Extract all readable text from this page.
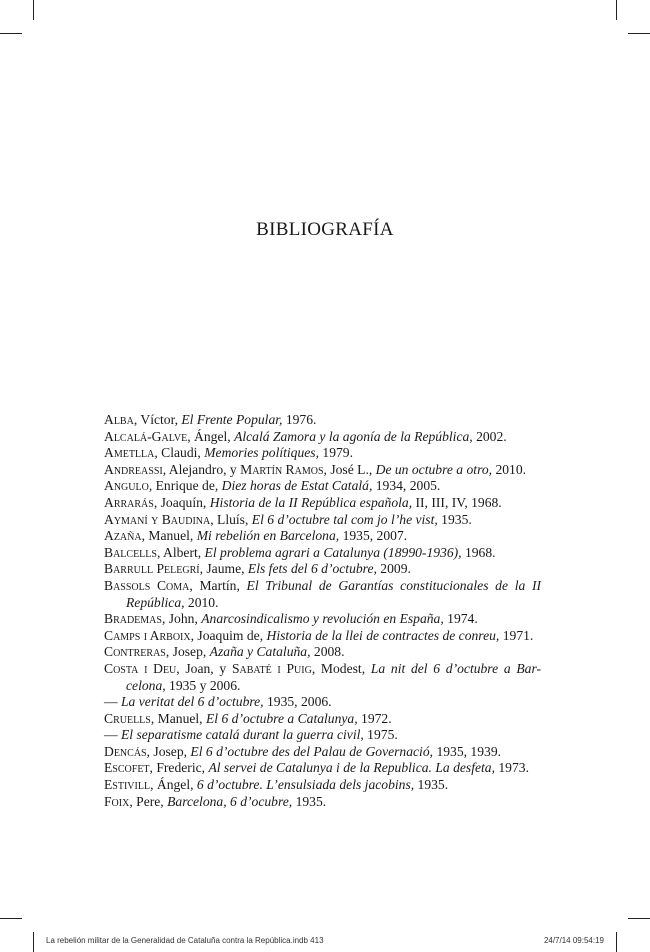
BIBLIOGRAFÍA
Alba, Víctor, El Frente Popular, 1976.
Alcalá-Galve, Ángel, Alcalá Zamora y la agonía de la República, 2002.
Ametlla, Claudi, Memories polítiques, 1979.
Andreassi, Alejandro, y Martín Ramos, José L., De un octubre a otro, 2010.
Angulo, Enrique de, Diez horas de Estat Catalá, 1934, 2005.
Arrarás, Joaquín, Historia de la II República española, II, III, IV, 1968.
Aymaní y Baudina, Lluís, El 6 d’octubre tal com jo l’he vist, 1935.
Azaña, Manuel, Mi rebelión en Barcelona, 1935, 2007.
Balcells, Albert, El problema agrari a Catalunya (18990-1936), 1968.
Barrull Pelegrí, Jaume, Els fets del 6 d’octubre, 2009.
Bassols Coma, Martín, El Tribunal de Garantías constitucionales de la II República, 2010.
Brademas, John, Anarcosindicalismo y revolución en España, 1974.
Camps i Arboix, Joaquim de, Historia de la llei de contractes de conreu, 1971.
Contreras, Josep, Azaña y Cataluña, 2008.
Costa i Deu, Joan, y Sabaté i Puig, Modest, La nit del 6 d’octubre a Bar-celona, 1935 y 2006.
— La veritat del 6 d’octubre, 1935, 2006.
Cruells, Manuel, El 6 d’octubre a Catalunya, 1972.
— El separatisme catalá durant la guerra civil, 1975.
Dencás, Josep, El 6 d’octubre des del Palau de Governació, 1935, 1939.
Escofet, Frederic, Al servei de Catalunya i de la Republica. La desfeta, 1973.
Estivill, Ángel, 6 d’octubre. L’ensulsiada dels jacobins, 1935.
Foix, Pere, Barcelona, 6 d’ocubre, 1935.
La rebelión militar de la Generalidad de Cataluña contra la República.indb 413	24/7/14 09:54:19
